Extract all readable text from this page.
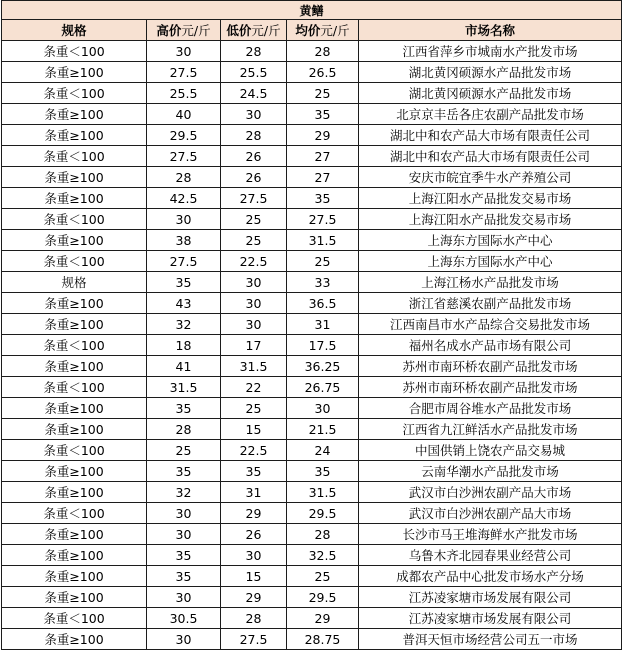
黄鳝				
规格	高价元/斤	低价元/斤	均价元/斤	市场名称
条重＜100	30	28	28	江西省萍乡市城南水产批发市场
条重≥100	27.5	25.5	26.5	湖北黄冈硕源水产品批发市场
条重＜100	25.5	24.5	25	湖北黄冈硕源水产品批发市场
条重≥100	40	30	35	北京京丰岳各庄农副产品批发市场
条重≥100	29.5	28	29	湖北中和农产品大市场有限责任公司
条重＜100	27.5	26	27	湖北中和农产品大市场有限责任公司
条重≥100	28	26	27	安庆市皖宜季牛水产养殖公司
条重≥100	42.5	27.5	35	上海江阳水产品批发交易市场
条重＜100	30	25	27.5	上海江阳水产品批发交易市场
条重≥100	38	25	31.5	上海东方国际水产中心
条重＜100	27.5	22.5	25	上海东方国际水产中心
规格	35	30	33	上海江杨水产品批发市场
条重≥100	43	30	36.5	浙江省慈溪农副产品批发市场
条重≥100	32	30	31	江西南昌市水产品综合交易批发市场
条重＜100	18	17	17.5	福州名成水产品市场有限公司
条重≥100	41	31.5	36.25	苏州市南环桥农副产品批发市场
条重＜100	31.5	22	26.75	苏州市南环桥农副产品批发市场
条重≥100	35	25	30	合肥市周谷堆水产品批发市场
条重≥100	28	15	21.5	江西省九江鲜活水产品批发市场
条重＜100	25	22.5	24	中国供销上饶农产品交易城
条重≥100	35	35	35	云南华潮水产品批发市场
条重≥100	32	31	31.5	武汉市白沙洲农副产品大市场
条重＜100	30	29	29.5	武汉市白沙洲农副产品大市场
条重≥100	30	26	28	长沙市马王堆海鲜水产批发市场
条重≥100	35	30	32.5	乌鲁木齐北园春果业经营公司
条重≥100	35	15	25	成都农产品中心批发市场水产分场
条重≥100	30	29	29.5	江苏凌家塘市场发展有限公司
条重＜100	30.5	28	29	江苏凌家塘市场发展有限公司
条重≥100	30	27.5	28.75	普洱天恒市场经营公司五一市场
